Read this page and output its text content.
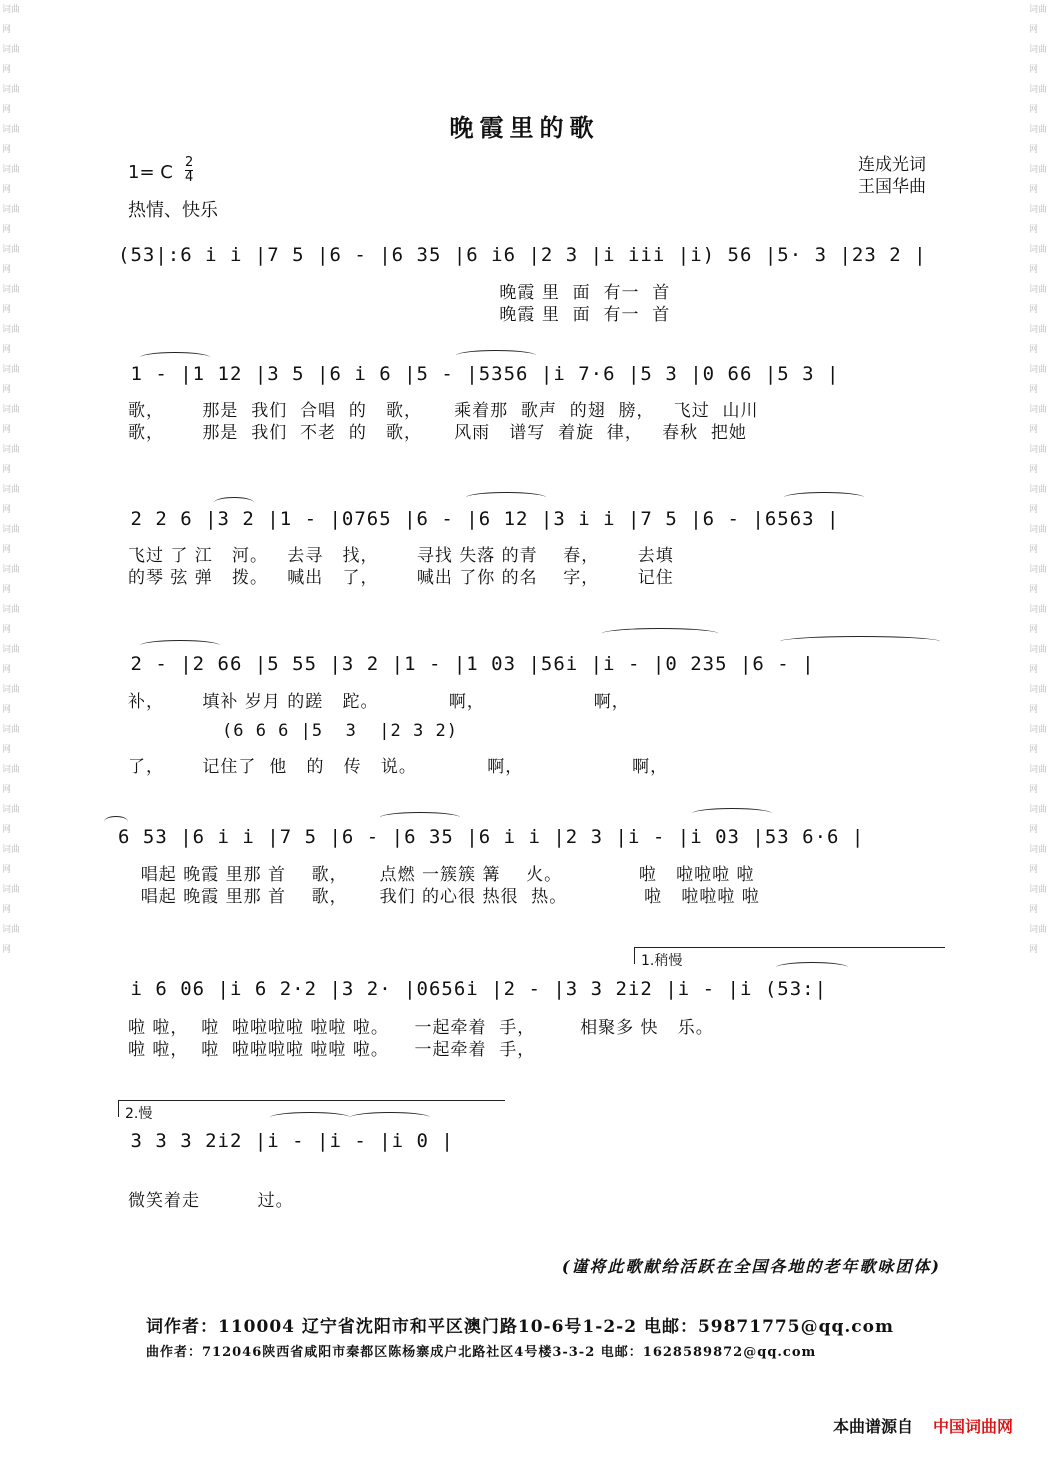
词曲网
词曲网
词曲网
词曲网
词曲网
词曲网
词曲网
词曲网
词曲网
词曲网
词曲网
词曲网
词曲网
词曲网
词曲网
词曲网
词曲网
词曲网
词曲网
词曲网
词曲网
词曲网
词曲网
词曲网
词曲网
词曲网
词曲网
词曲网
词曲网
词曲网
词曲网
词曲网
词曲网
词曲网
词曲网
词曲网
词曲网
词曲网
词曲网
词曲网
词曲网
词曲网
词曲网
词曲网
词曲网
词曲网
词曲网
词曲网
晚霞里的歌
1= C $\frac{2}{4}$
热情、快乐
连成光词
王国华曲
(53|:6 i i |7 5 |6 - |6 35 |6 i6 |2 3 |i iii |i) 56 |5· 3 |23 2 |
晚霞 里  面  有一  首
晚霞 里  面  有一  首
1 - |1 12 |3 5 |6 i 6 |5 - |5356 |i 7·6 |5 3 |0 66 |5 3 |
歌，      那是  我们  合唱  的   歌，     乘着那  歌声  的翅  膀，   飞过  山川
歌，      那是  我们  不老  的   歌，     风雨   谱写  着旋  律，   春秋  把她
2 2 6 |3 2 |1 - |0765 |6 - |6 12 |3 i i |7 5 |6 - |6563 |
飞过 了 江   河。   去寻   找，      寻找 失落 的青    春，      去填
的琴 弦 弹   拨。   喊出   了，      喊出 了你 的名    字，      记住
2 - |2 66 |5 55 |3 2 |1 - |1 03 |56i |i - |0 235 |6 - |
补，      填补 岁月 的蹉   跎。           啊，                 啊，
(6 6 6 |5  3  |2 3 2)
了，      记住了  他   的   传   说。           啊，                 啊，
6 53 |6 i i |7 5 |6 - |6 35 |6 i i |2 3 |i - |i 03 |53 6·6 |
唱起 晚霞 里那 首    歌，     点燃 一簇簇 篝    火。            啦   啦啦啦 啦
唱起 晚霞 里那 首    歌，     我们 的心很 热很  热。            啦   啦啦啦 啦
1.稍慢
i 6 06 |i 6 2·2 |3 2· |0656i |2 - |3 3 2i2 |i - |i (53:|
啦 啦，  啦  啦啦啦啦 啦啦 啦。    一起牵着  手，       相聚多 快   乐。
啦 啦，  啦  啦啦啦啦 啦啦 啦。    一起牵着  手，
2.慢
3 3 3 2i2 |i - |i - |i 0 |
微笑着走         过。
(谨将此歌献给活跃在全国各地的老年歌咏团体)
词作者：110004 辽宁省沈阳市和平区澳门路10-6号1-2-2 电邮：59871775@qq.com
曲作者：712046陕西省咸阳市秦都区陈杨寨成户北路社区4号楼3-3-2 电邮：1628589872@qq.com
本曲谱源自 中国词曲网
